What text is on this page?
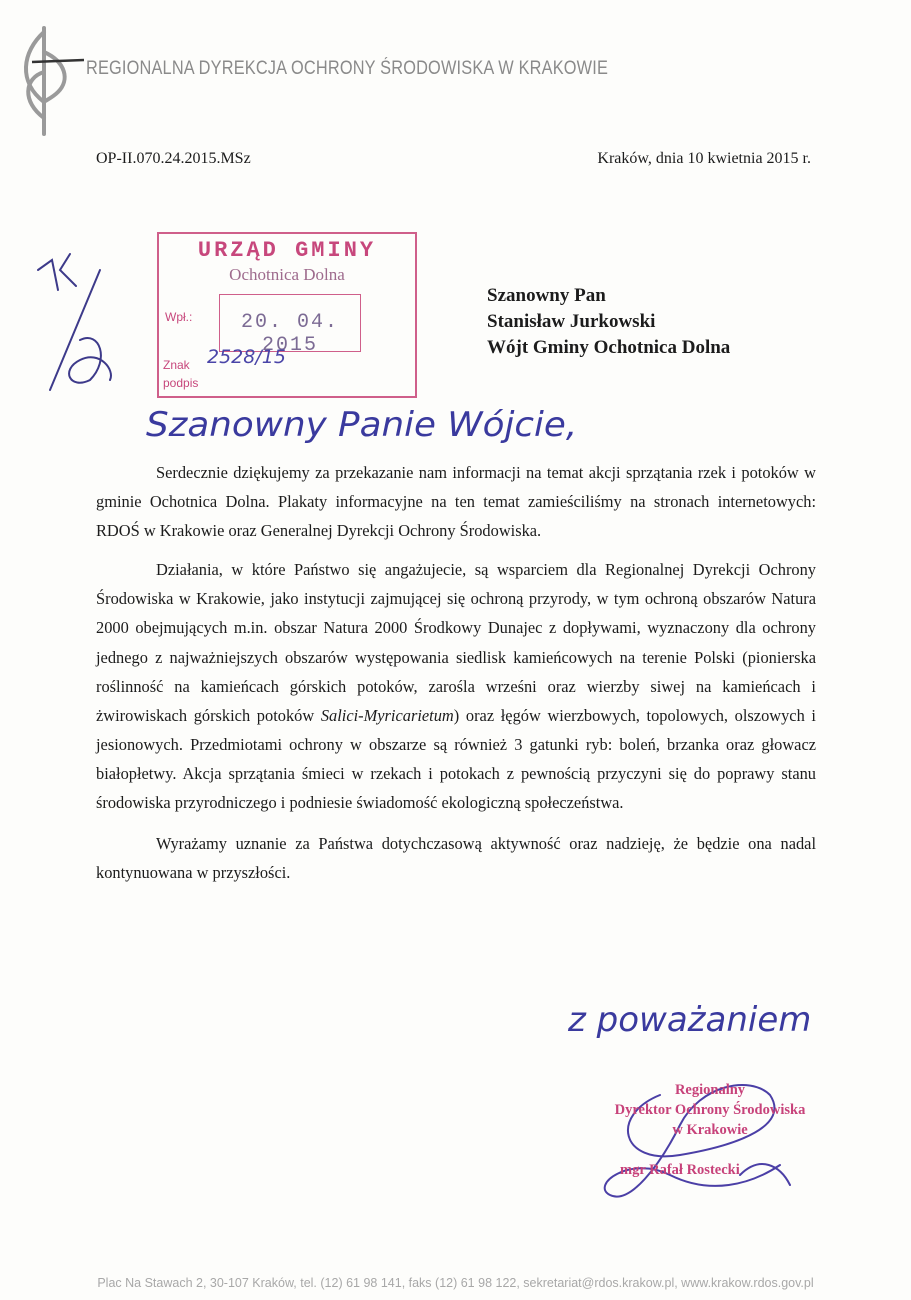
REGIONALNA DYREKCJA OCHRONY ŚRODOWISKA W KRAKOWIE
OP-II.070.24.2015.MSz	Kraków, dnia 10 kwietnia 2015 r.
URZĄD GMINY
Ochotnica Dolna
Wpł.:	20. 04. 2015
Znak 2528/15
podpis
Szanowny Pan
Stanisław Jurkowski
Wójt Gminy Ochotnica Dolna
Szanowny Panie Wójcie,

Serdecznie dziękujemy za przekazanie nam informacji na temat akcji sprzątania rzek i potoków w gminie Ochotnica Dolna. Plakaty informacyjne na ten temat zamieściliśmy na stronach internetowych: RDOŚ w Krakowie oraz Generalnej Dyrekcji Ochrony Środowiska.

Działania, w które Państwo się angażujecie, są wsparciem dla Regionalnej Dyrekcji Ochrony Środowiska w Krakowie, jako instytucji zajmującej się ochroną przyrody, w tym ochroną obszarów Natura 2000 obejmujących m.in. obszar Natura 2000 Środkowy Dunajec z dopływami, wyznaczony dla ochrony jednego z najważniejszych obszarów występowania siedlisk kamieńcowych na terenie Polski (pionierska roślinność na kamieńcach górskich potoków, zarośla wrześni oraz wierzby siwej na kamieńcach i żwirowiskach górskich potoków Salici-Myricarietum) oraz łęgów wierzbowych, topolowych, olszowych i jesionowych. Przedmiotami ochrony w obszarze są również 3 gatunki ryb: boleń, brzanka oraz głowacz białopłetwy. Akcja sprzątania śmieci w rzekach i potokach z pewnością przyczyni się do poprawy stanu środowiska przyrodniczego i podniesie świadomość ekologiczną społeczeństwa.

Wyrażamy uznanie za Państwa dotychczasową aktywność oraz nadzieję, że będzie ona nadal kontynuowana w przyszłości.

z poważaniem
Regionalny
Dyrektor Ochrony Środowiska
w Krakowie
mgr Rafał Rostecki
Plac Na Stawach 2, 30-107 Kraków, tel. (12) 61 98 141, faks (12) 61 98 122, sekretariat@rdos.krakow.pl, www.krakow.rdos.gov.pl
